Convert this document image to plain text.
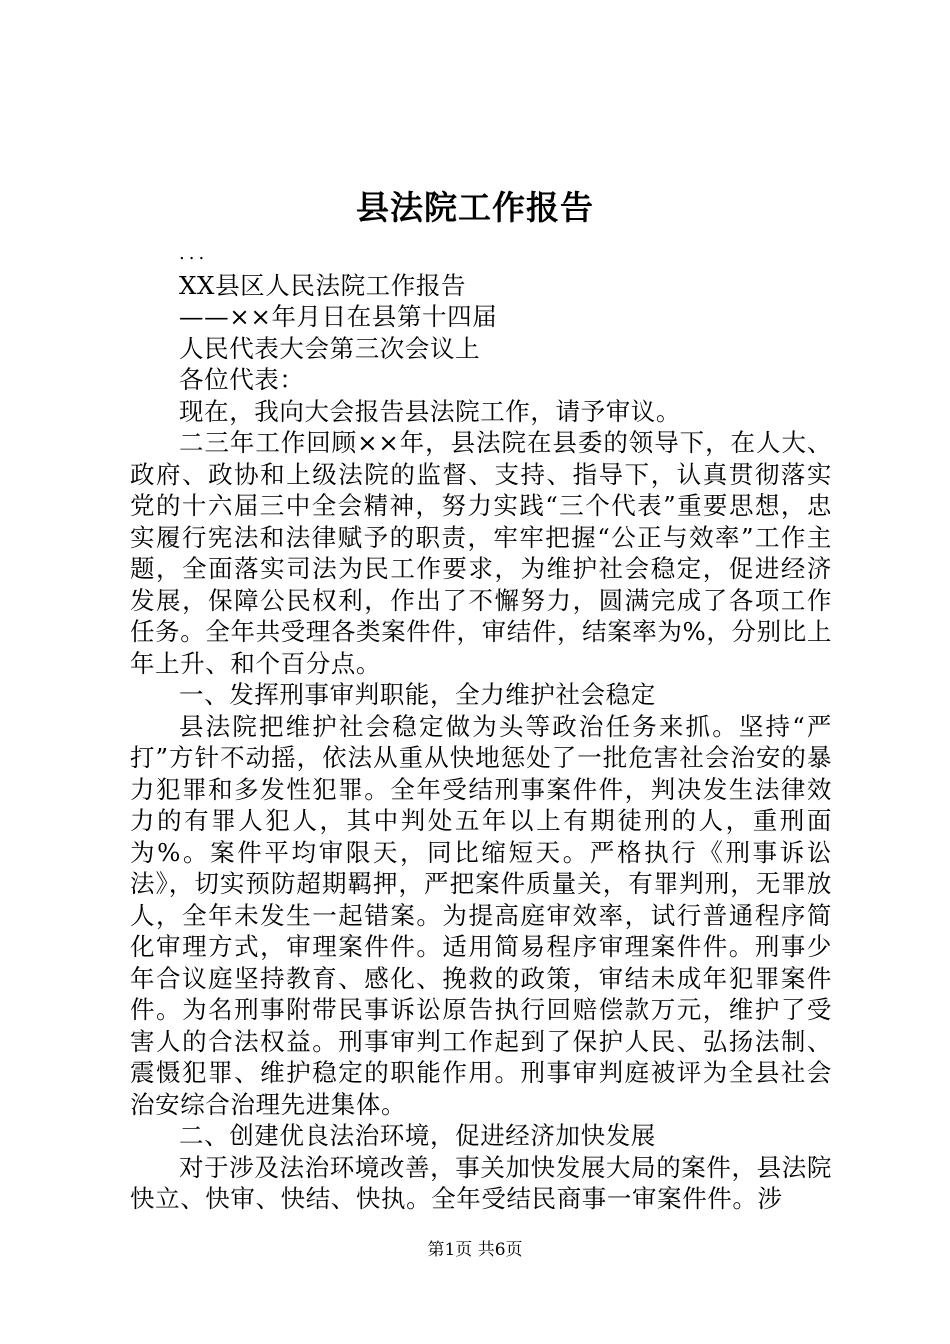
县法院工作报告

...

XX县区人民法院工作报告

——××年月日在县第十四届

人民代表大会第三次会议上

各位代表：

现在，我向大会报告县法院工作，请予审议。

二三年工作回顾××年，县法院在县委的领导下，在人大、政府、政协和上级法院的监督、支持、指导下，认真贯彻落实党的十六届三中全会精神，努力实践“三个代表”重要思想，忠实履行宪法和法律赋予的职责，牢牢把握“公正与效率”工作主题，全面落实司法为民工作要求，为维护社会稳定，促进经济发展，保障公民权利，作出了不懈努力，圆满完成了各项工作任务。全年共受理各类案件件，审结件，结案率为%，分别比上年上升、和个百分点。

一、发挥刑事审判职能，全力维护社会稳定

县法院把维护社会稳定做为头等政治任务来抓。坚持“严打”方针不动摇，依法从重从快地惩处了一批危害社会治安的暴力犯罪和多发性犯罪。全年受结刑事案件件，判决发生法律效力的有罪人犯人，其中判处五年以上有期徒刑的人，重刑面为%。案件平均审限天，同比缩短天。严格执行《刑事诉讼法》，切实预防超期羁押，严把案件质量关，有罪判刑，无罪放人，全年未发生一起错案。为提高庭审效率，试行普通程序简化审理方式，审理案件件。适用简易程序审理案件件。刑事少年合议庭坚持教育、感化、挽救的政策，审结未成年犯罪案件件。为名刑事附带民事诉讼原告执行回赔偿款万元，维护了受害人的合法权益。刑事审判工作起到了保护人民、弘扬法制、震慑犯罪、维护稳定的职能作用。刑事审判庭被评为全县社会治安综合治理先进集体。

二、创建优良法治环境，促进经济加快发展

对于涉及法治环境改善，事关加快发展大局的案件，县法院快立、快审、快结、快执。全年受结民商事一审案件件。涉

第1页 共6页
